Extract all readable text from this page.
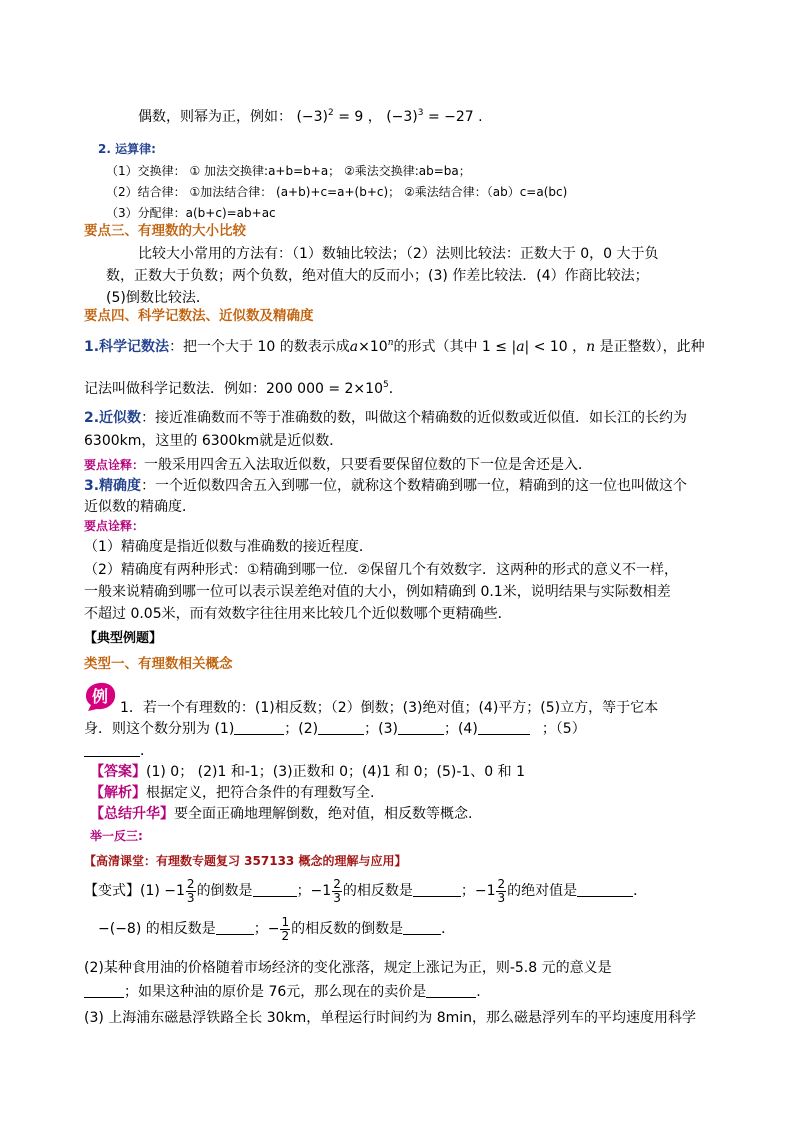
偶数，则幂为正，例如： $(-3)^2 = 9$ ， $(-3)^3 = -27$ .
2. 运算律:
（1）交换律： ① 加法交换律:a+b=b+a； ②乘法交换律:ab=ba；
（2）结合律： ①加法结合律： (a+b)+c=a+(b+c)； ②乘法结合律：（ab）c=a(bc)
（3）分配律：a(b+c)=ab+ac
要点三、有理数的大小比较
比较大小常用的方法有：（1）数轴比较法；（2）法则比较法：正数大于 0，0 大于负
数，正数大于负数；两个负数，绝对值大的反而小；(3) 作差比较法．(4）作商比较法；
(5)倒数比较法．
要点四、科学记数法、近似数及精确度
1.科学记数法：把一个大于 10 的数表示成$a\times 10^n$的形式（其中 1 ≤ |a| < 10 ，n 是正整数），此种
记法叫做科学记数法．例如：200 $000 = 2\times 10^5$．
2.近似数：接近准确数而不等于准确数的数，叫做这个精确数的近似数或近似值．如长江的长约为
6300km，这里的 6300km就是近似数．
要点诠释：一般采用四舍五入法取近似数，只要看要保留位数的下一位是舍还是入．
3.精确度：一个近似数四舍五入到哪一位，就称这个数精确到哪一位，精确到的这一位也叫做这个
近似数的精确度．
要点诠释：
（1）精确度是指近似数与准确数的接近程度．
（2）精确度有两种形式：①精确到哪一位．②保留几个有效数字．这两种的形式的意义不一样，
一般来说精确到哪一位可以表示误差绝对值的大小，例如精确到 0.1米，说明结果与实际数相差
不超过 0.05米，而有效数字往往用来比较几个近似数哪个更精确些．
【典型例题】
类型一、有理数相关概念
例
1．若一个有理数的：(1)相反数；（2）倒数；(3)绝对值；(4)平方；(5)立方，等于它本
身．则这个数分别为 (1)	；(2)	；(3)	；(4)	；（5）
．
【答案】(1) 0； (2)1 和-1；(3)正数和 0；(4)1 和 0；(5)-1、0 和 1
【解析】根据定义，把符合条件的有理数写全.
【总结升华】要全面正确地理解倒数，绝对值，相反数等概念.
举一反三:
【高清课堂：有理数专题复习 357133 概念的理解与应用】
【变式】$(1) -1 \frac{2}{3}$ 的倒数是	；$-1 \frac{2}{3}$ 的相反数是	；$-1 \frac{2}{3}$ 的绝对值是	．
−(−8) 的相反数是	；− $\frac{1}{2}$ 的相反数的倒数是	．
(2)某种食用油的价格随着市场经济的变化涨落，规定上涨记为正，则-5.8 元的意义是
；如果这种油的原价是 76元，那么现在的卖价是	.
(3) 上海浦东磁悬浮铁路全长 30km，单程运行时间约为 8min，那么磁悬浮列车的平均速度用科学
